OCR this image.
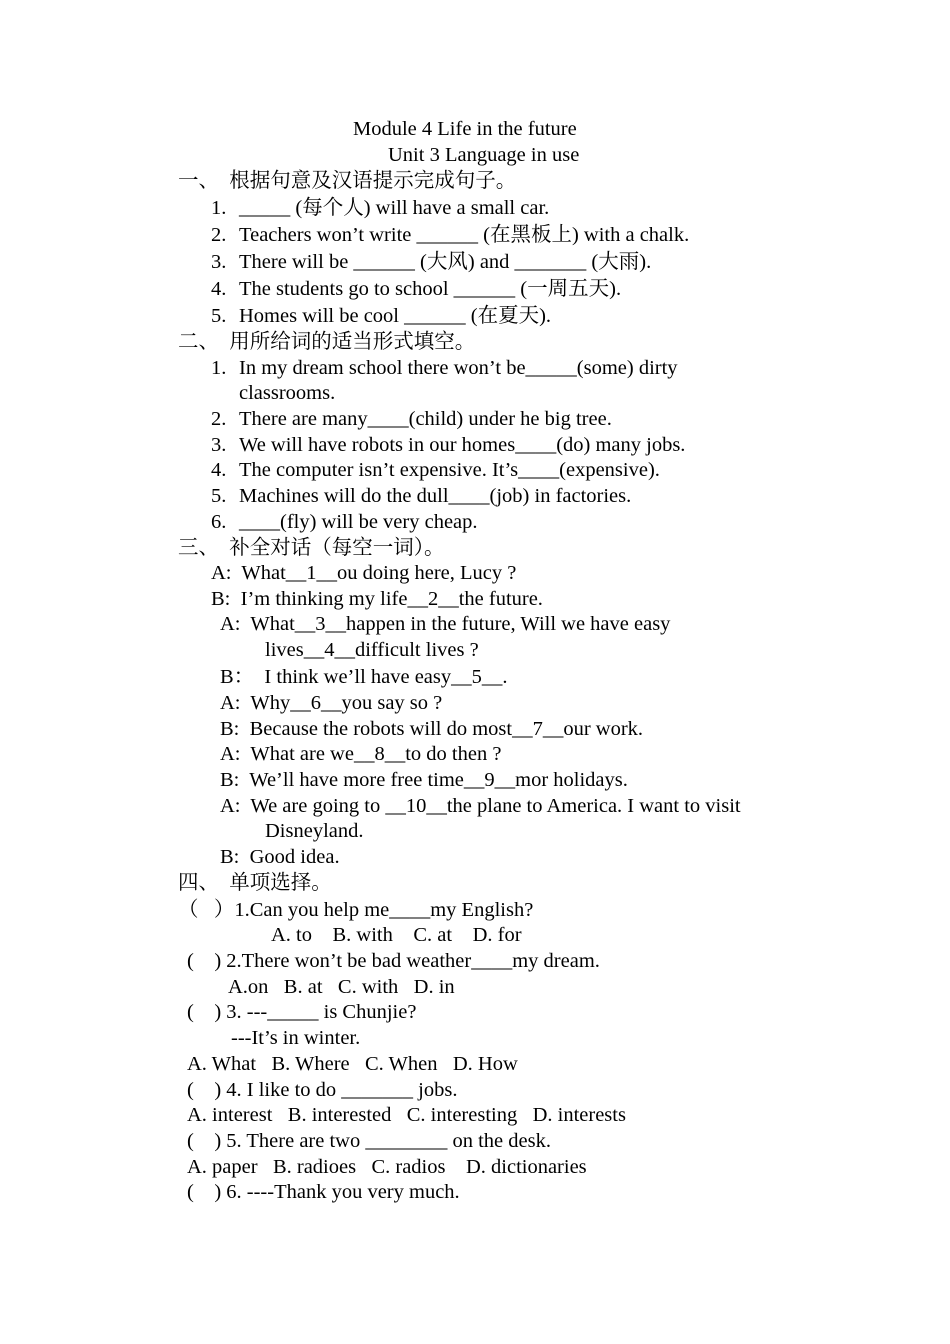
Module 4 Life in the future
Unit 3 Language in use
一、  根据句意及汉语提示完成句子。
1. _____ (每个人) will have a small car.
2. Teachers won’t write ______ (在黑板上) with a chalk.
3. There will be ______ (大风) and _______ (大雨).
4. The students go to school ______ (一周五天).
5. Homes will be cool ______ (在夏天).
二、  用所给词的适当形式填空。
1. In my dream school there won’t be_____(some) dirty
classrooms.
2. There are many____(child) under he big tree.
3. We will have robots in our homes____(do) many jobs.
4. The computer isn’t expensive. It’s____(expensive).
5. Machines will do the dull____(job) in factories.
6. ____(fly) will be very cheap.
三、  补全对话（每空一词）。
A:  What__1__ou doing here, Lucy ?
B:  I’m thinking my life__2__the future.
A:  What__3__happen in the future, Will we have easy
lives__4__difficult lives ?
B：  I think we’ll have easy__5__.
A:  Why__6__you say so ?
B:  Because the robots will do most__7__our work.
A:  What are we__8__to do then ?
B:  We’ll have more free time__9__mor holidays.
A:  We are going to __10__the plane to America. I want to visit
Disneyland.
B:  Good idea.
四、  单项选择。
（   ）1.Can you help me____my English?
A. to    B. with    C. at    D. for
(    ) 2.There won’t be bad weather____my dream.
A.on   B. at   C. with   D. in
(    ) 3. ---_____ is Chunjie?
---It’s in winter.
A. What   B. Where   C. When   D. How
(    ) 4. I like to do _______ jobs.
A. interest   B. interested   C. interesting   D. interests
(    ) 5. There are two ________ on the desk.
A. paper   B. radioes   C. radios    D. dictionaries
(    ) 6. ----Thank you very much.
